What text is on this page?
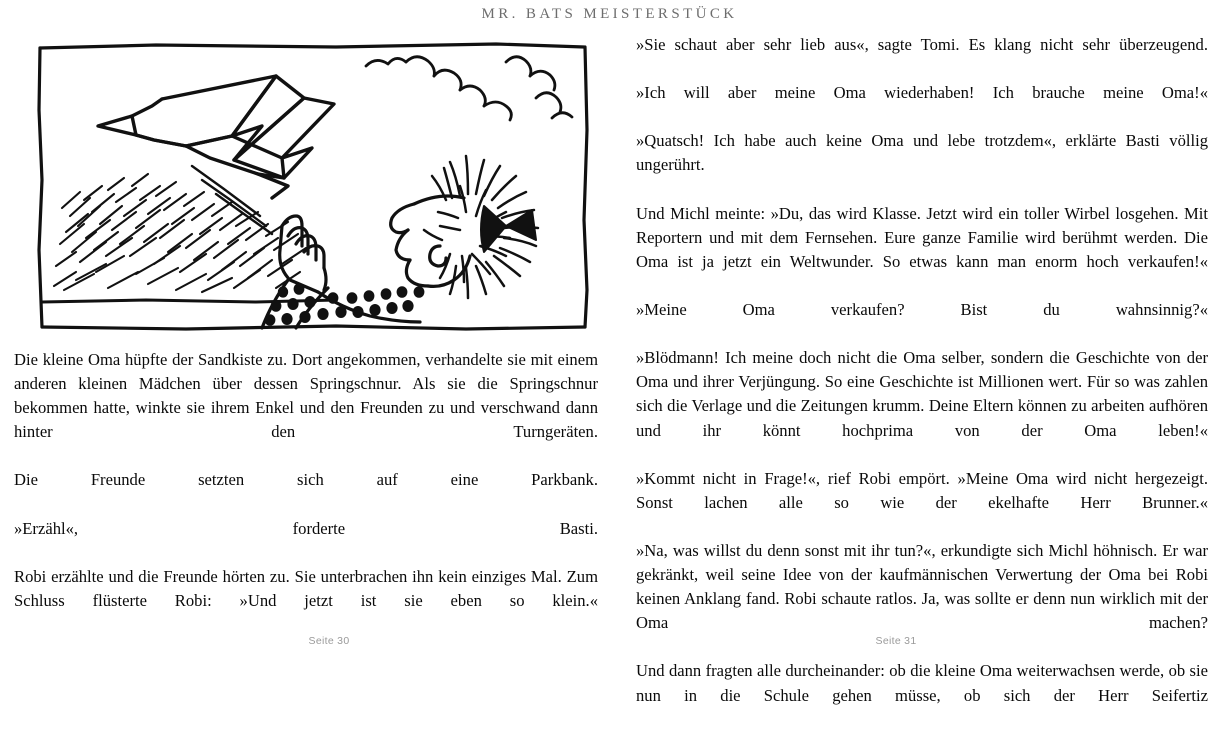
MR. BATS MEISTERSTÜCK

Die kleine Oma hüpfte der Sandkiste zu. Dort angekommen, verhandelte sie mit einem anderen kleinen Mädchen über dessen Springschnur. Als sie die Springschnur bekommen hatte, winkte sie ihrem Enkel und den Freunden zu und verschwand dann hinter den Turngeräten.

Die Freunde setzten sich auf eine Parkbank.

»Erzähl«, forderte Basti.

Robi erzählte und die Freunde hörten zu. Sie unterbrachen ihn kein einziges Mal. Zum Schluss flüsterte Robi: »Und jetzt ist sie eben so klein.«

»Sie schaut aber sehr lieb aus«, sagte Tomi. Es klang nicht sehr überzeugend.

»Ich will aber meine Oma wiederhaben! Ich brauche meine Oma!«

»Quatsch! Ich habe auch keine Oma und lebe trotzdem«, erklärte Basti völlig ungerührt.

Und Michl meinte: »Du, das wird Klasse. Jetzt wird ein toller Wirbel losgehen. Mit Reportern und mit dem Fernsehen. Eure ganze Familie wird berühmt werden. Die Oma ist ja jetzt ein Weltwunder. So etwas kann man enorm hoch verkaufen!«

»Meine Oma verkaufen? Bist du wahnsinnig?«

»Blödmann! Ich meine doch nicht die Oma selber, sondern die Geschichte von der Oma und ihrer Verjüngung. So eine Geschichte ist Millionen wert. Für so was zahlen sich die Verlage und die Zeitungen krumm. Deine Eltern können zu arbeiten aufhören und ihr könnt hochprima von der Oma leben!«

»Kommt nicht in Frage!«, rief Robi empört. »Meine Oma wird nicht hergezeigt. Sonst lachen alle so wie der ekelhafte Herr Brunner.«

»Na, was willst du denn sonst mit ihr tun?«, erkundigte sich Michl höhnisch. Er war gekränkt, weil seine Idee von der kaufmännischen Verwertung der Oma bei Robi keinen Anklang fand. Robi schaute ratlos. Ja, was sollte er denn nun wirklich mit der Oma machen?

Und dann fragten alle durcheinander: ob die kleine Oma weiterwachsen werde, ob sie nun in die Schule gehen müsse, ob sich der Herr Seifertiz

Seite 30	Seite 31
